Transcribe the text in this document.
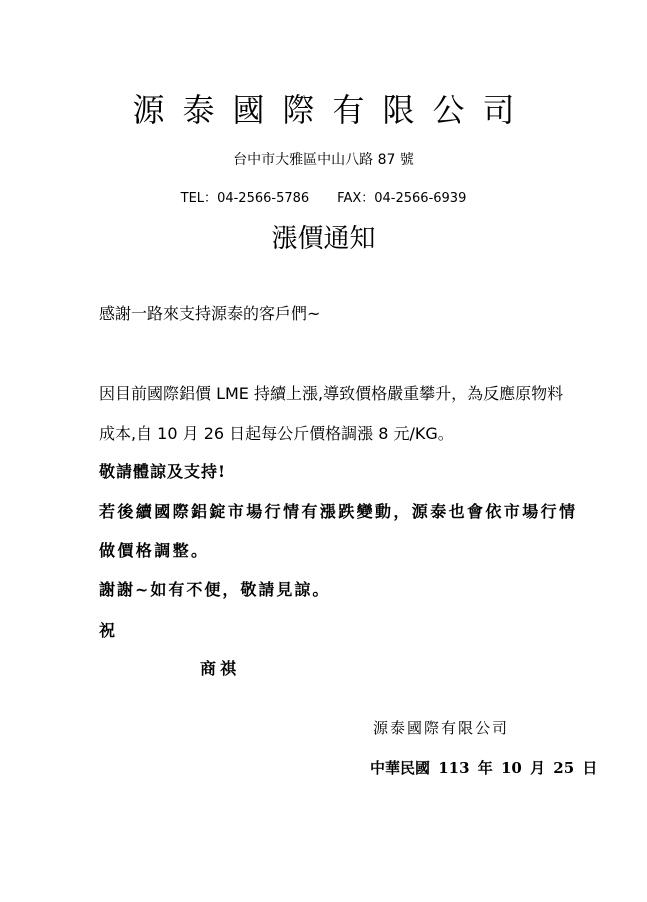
源泰國際有限公司
台中市大雅區中山八路 87 號
TEL：04-2566-5786 FAX：04-2566-6939
漲價通知
感謝一路來支持源泰的客戶們~
因目前國際鋁價 LME 持續上漲,導致價格嚴重攀升，為反應原物料
成本,自 10 月 26 日起每公斤價格調漲 8 元/KG。
敬請體諒及支持!
若後續國際鋁錠市場行情有漲跌變動，源泰也會依市場行情
做價格調整。
謝謝~如有不便，敬請見諒。
祝
商祺
源泰國際有限公司
中華民國 113 年 10 月 25 日
